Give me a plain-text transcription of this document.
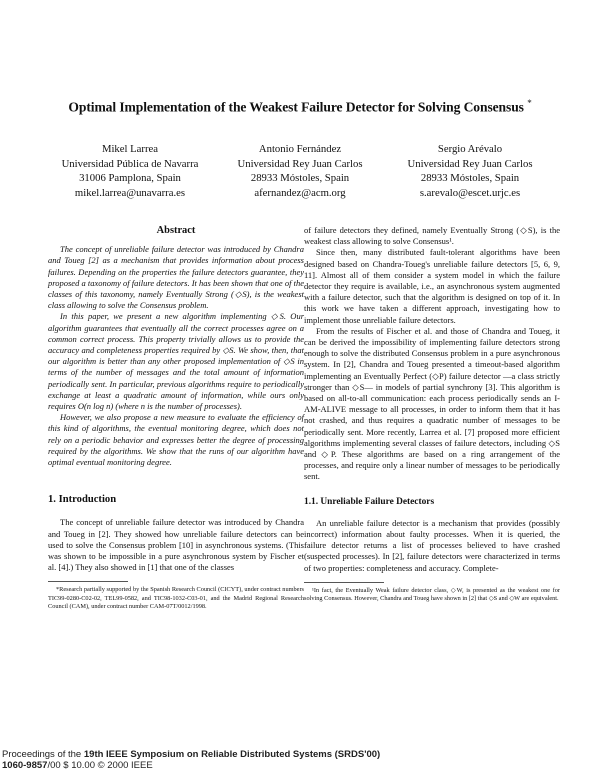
Optimal Implementation of the Weakest Failure Detector for Solving Consensus *
Mikel Larrea
Universidad Pública de Navarra
31006 Pamplona, Spain
mikel.larrea@unavarra.es
Antonio Fernández
Universidad Rey Juan Carlos
28933 Móstoles, Spain
afernandez@acm.org
Sergio Arévalo
Universidad Rey Juan Carlos
28933 Móstoles, Spain
s.arevalo@escet.urjc.es
Abstract

The concept of unreliable failure detector was introduced by Chandra and Toueg [2] as a mechanism that provides information about process failures. Depending on the properties the failure detectors guarantee, they proposed a taxonomy of failure detectors. It has been shown that one of the classes of this taxonomy, namely Eventually Strong (◇S), is the weakest class allowing to solve the Consensus problem.

In this paper, we present a new algorithm implementing ◇S. Our algorithm guarantees that eventually all the correct processes agree on a common correct process. This property trivially allows us to provide the accuracy and completeness properties required by ◇S. We show, then, that our algorithm is better than any other proposed implementation of ◇S in terms of the number of messages and the total amount of information periodically sent. In particular, previous algorithms require to periodically exchange at least a quadratic amount of information, while ours only requires O(n log n) (where n is the number of processes).

However, we also propose a new measure to evaluate the efficiency of this kind of algorithms, the eventual monitoring degree, which does not rely on a periodic behavior and expresses better the degree of processing required by the algorithms. We show that the runs of our algorithm have optimal eventual monitoring degree.

1. Introduction

The concept of unreliable failure detector was introduced by Chandra and Toueg in [2]. They showed how unreliable failure detectors can be used to solve the Consensus problem [10] in asynchronous systems. (This was shown to be impossible in a pure asynchronous system by Fischer et al. [4].) They also showed in [1] that one of the classes

*Research partially supported by the Spanish Research Council (CICYT), under contract numbers TIC99-0280-C02-02, TEL99-0582, and TIC98-1032-C03-01, and the Madrid Regional Research Council (CAM), under contract number CAM-07T/0012/1998.

of failure detectors they defined, namely Eventually Strong (◇S), is the weakest class allowing to solve Consensus¹.

Since then, many distributed fault-tolerant algorithms have been designed based on Chandra-Toueg's unreliable failure detectors [5, 6, 9, 11]. Almost all of them consider a system model in which the failure detector they require is available, i.e., an asynchronous system augmented with a failure detector, such that the algorithm is designed on top of it. In this work we have taken a different approach, investigating how to implement those unreliable failure detectors.

From the results of Fischer et al. and those of Chandra and Toueg, it can be derived the impossibility of implementing failure detectors strong enough to solve the distributed Consensus problem in a pure asynchronous system. In [2], Chandra and Toueg presented a timeout-based algorithm implementing an Eventually Perfect (◇P) failure detector —a class strictly stronger than ◇S— in models of partial synchrony [3]. This algorithm is based on all-to-all communication: each process periodically sends an I-AM-ALIVE message to all processes, in order to inform them that it has not crashed, and thus requires a quadratic number of messages to be periodically sent. More recently, Larrea et al. [7] proposed more efficient algorithms implementing several classes of failure detectors, including ◇S and ◇P. These algorithms are based on a ring arrangement of the processes, and require only a linear number of messages to be periodically sent.

1.1. Unreliable Failure Detectors

An unreliable failure detector is a mechanism that provides (possibly incorrect) information about faulty processes. When it is queried, the failure detector returns a list of processes believed to have crashed (suspected processes). In [2], failure detectors were characterized in terms of two properties: completeness and accuracy. Complete-

¹In fact, the Eventually Weak failure detector class, ◇W, is presented as the weakest one for solving Consensus. However, Chandra and Toueg have shown in [2] that ◇S and ◇W are equivalent.

Proceedings of the 19th IEEE Symposium on Reliable Distributed Systems (SRDS'00)
1060-9857/00 $ 10.00 © 2000 IEEE
